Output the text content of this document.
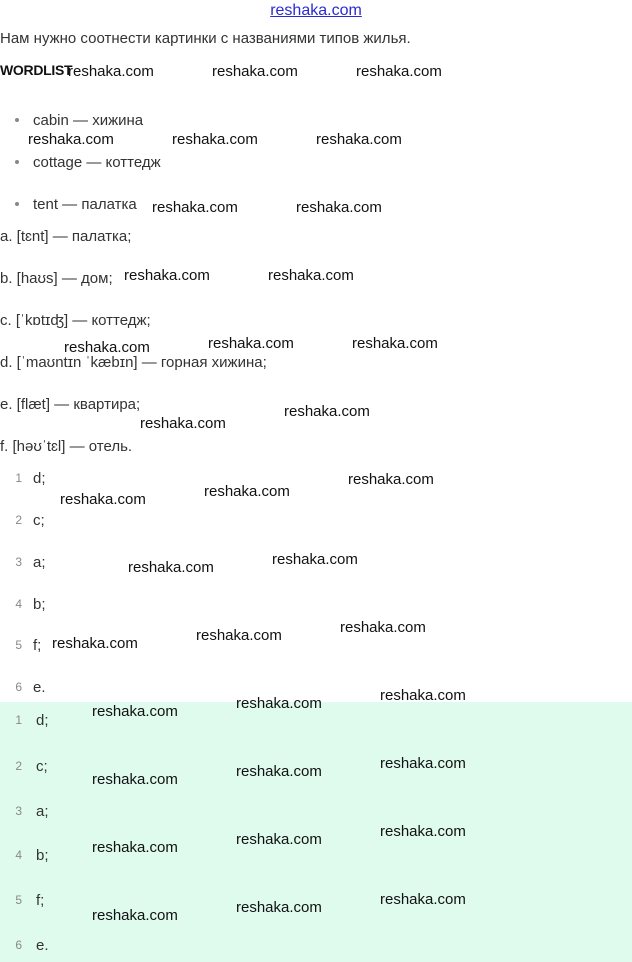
reshaka.com
Нам нужно соотнести картинки с названиями типов жилья.
WORDLIST
cabin — хижина
cottage — коттедж
tent — палатка
a. [tɛnt] — палатка;
b. [haʊs] — дом;
c. [ˈkɒtɪʤ] — коттедж;
d. [ˈmaʊntɪn ˈkæbɪn] — горная хижина;
e. [flæt] — квартира;
f. [həʊˈtɛl] — отель.
1 d;
2 c;
3 a;
4 b;
5 f;
6 e.
1 d;
2 c;
3 a;
4 b;
5 f;
6 e.
reshaka.com	reshaka.com	reshaka.com
reshaka.com	reshaka.com	reshaka.com
reshaka.com	reshaka.com
reshaka.com	reshaka.com
reshaka.com	reshaka.com	reshaka.com
reshaka.com
reshaka.com
reshaka.com	reshaka.com
reshaka.com
reshaka.com	reshaka.com
reshaka.com	reshaka.com	reshaka.com
reshaka.com	reshaka.com	reshaka.com
reshaka.com	reshaka.com	reshaka.com
reshaka.com	reshaka.com
reshaka.com
reshaka.com	reshaka.com	reshaka.com
